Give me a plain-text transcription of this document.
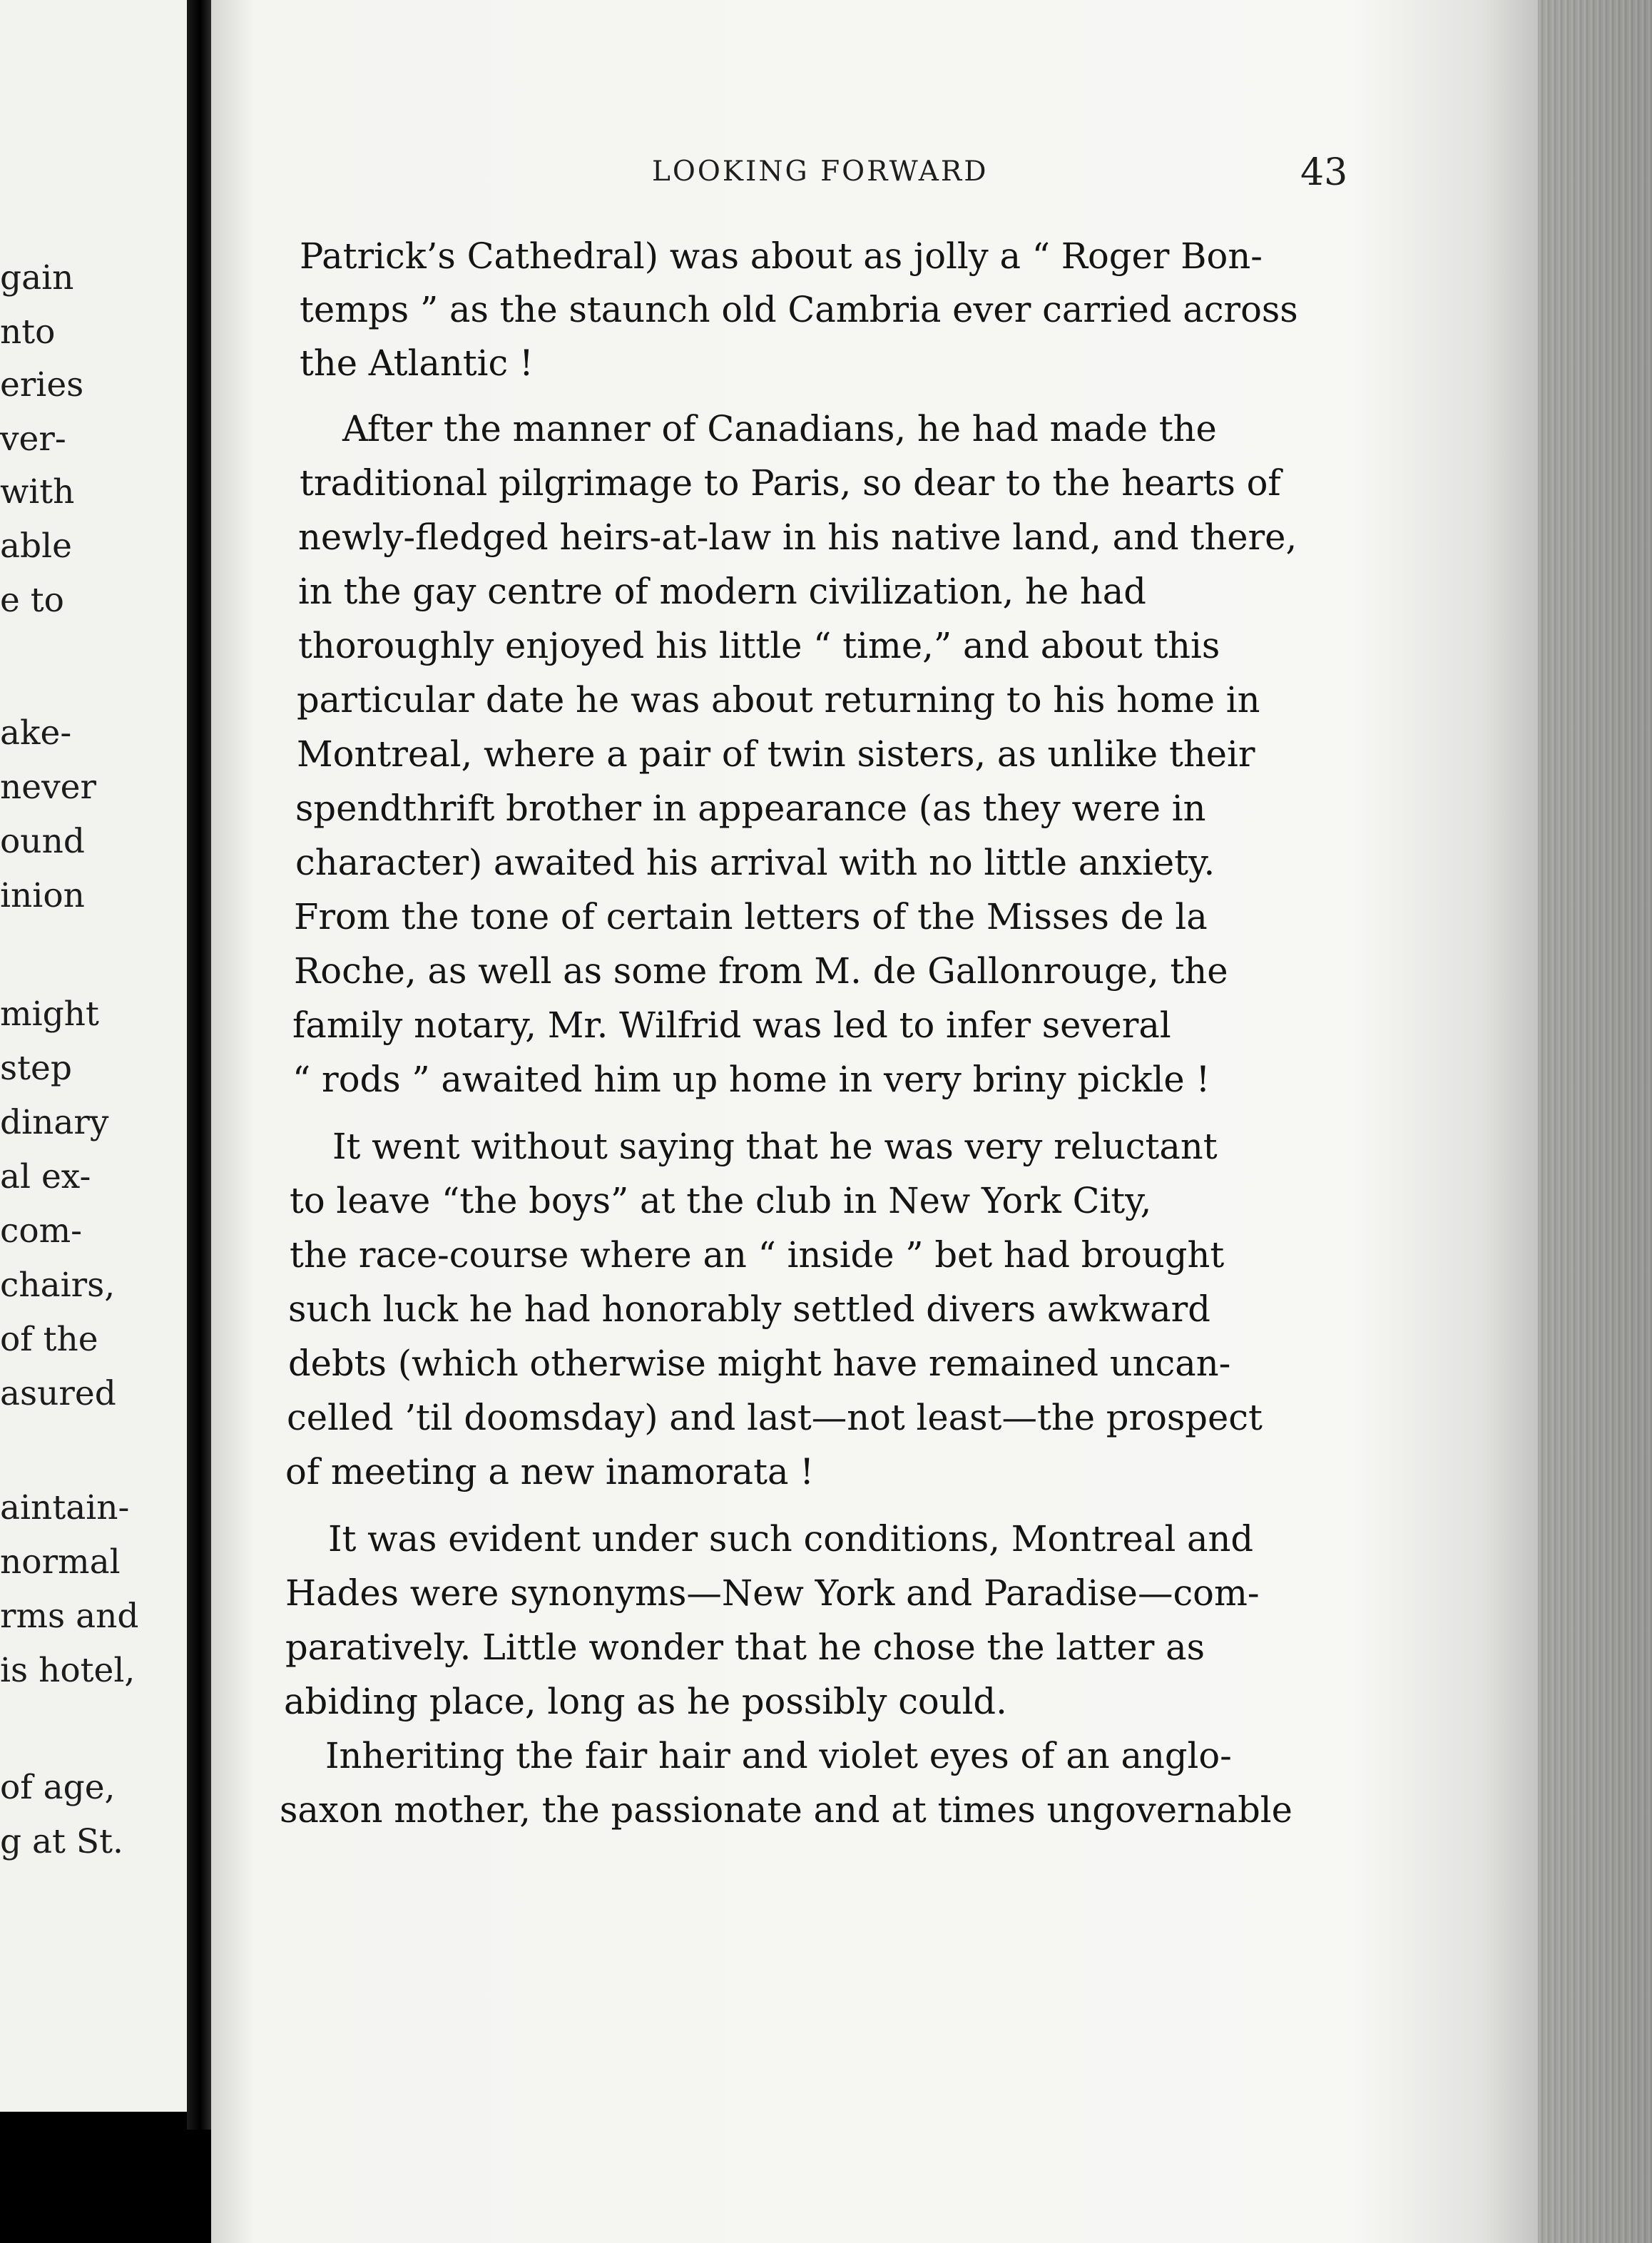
gain

nto

eries

ver-

with

able

e to

ake-

never

ound

inion

might

step

dinary

al ex-

com-

chairs,

of the

asured

aintain-

normal

rms and

is hotel,

of age,

g at St.

LOOKING FORWARD	43

Patrick’s Cathedral) was about as jolly a “ Roger Bon-

temps ” as the staunch old Cambria ever carried across

the Atlantic !

After the manner of Canadians, he had made the

traditional pilgrimage to Paris, so dear to the hearts of

newly-fledged heirs-at-law in his native land, and there,

in the gay centre of modern civilization, he had

thoroughly enjoyed his little “ time,” and about this

particular date he was about returning to his home in

Montreal, where a pair of twin sisters, as unlike their

spendthrift brother in appearance (as they were in

character) awaited his arrival with no little anxiety.

From the tone of certain letters of the Misses de la

Roche, as well as some from M. de Gallonrouge, the

family notary, Mr. Wilfrid was led to infer several

“ rods ” awaited him up home in very briny pickle !

It went without saying that he was very reluctant

to leave “the boys” at the club in New York City,

the race-course where an “ inside ” bet had brought

such luck he had honorably settled divers awkward

debts (which otherwise might have remained uncan-

celled ’til doomsday) and last—not least—the prospect

of meeting a new inamorata !

It was evident under such conditions, Montreal and

Hades were synonyms—New York and Paradise—com-

paratively. Little wonder that he chose the latter as

abiding place, long as he possibly could.

Inheriting the fair hair and violet eyes of an anglo-

saxon mother, the passionate and at times ungovernable
